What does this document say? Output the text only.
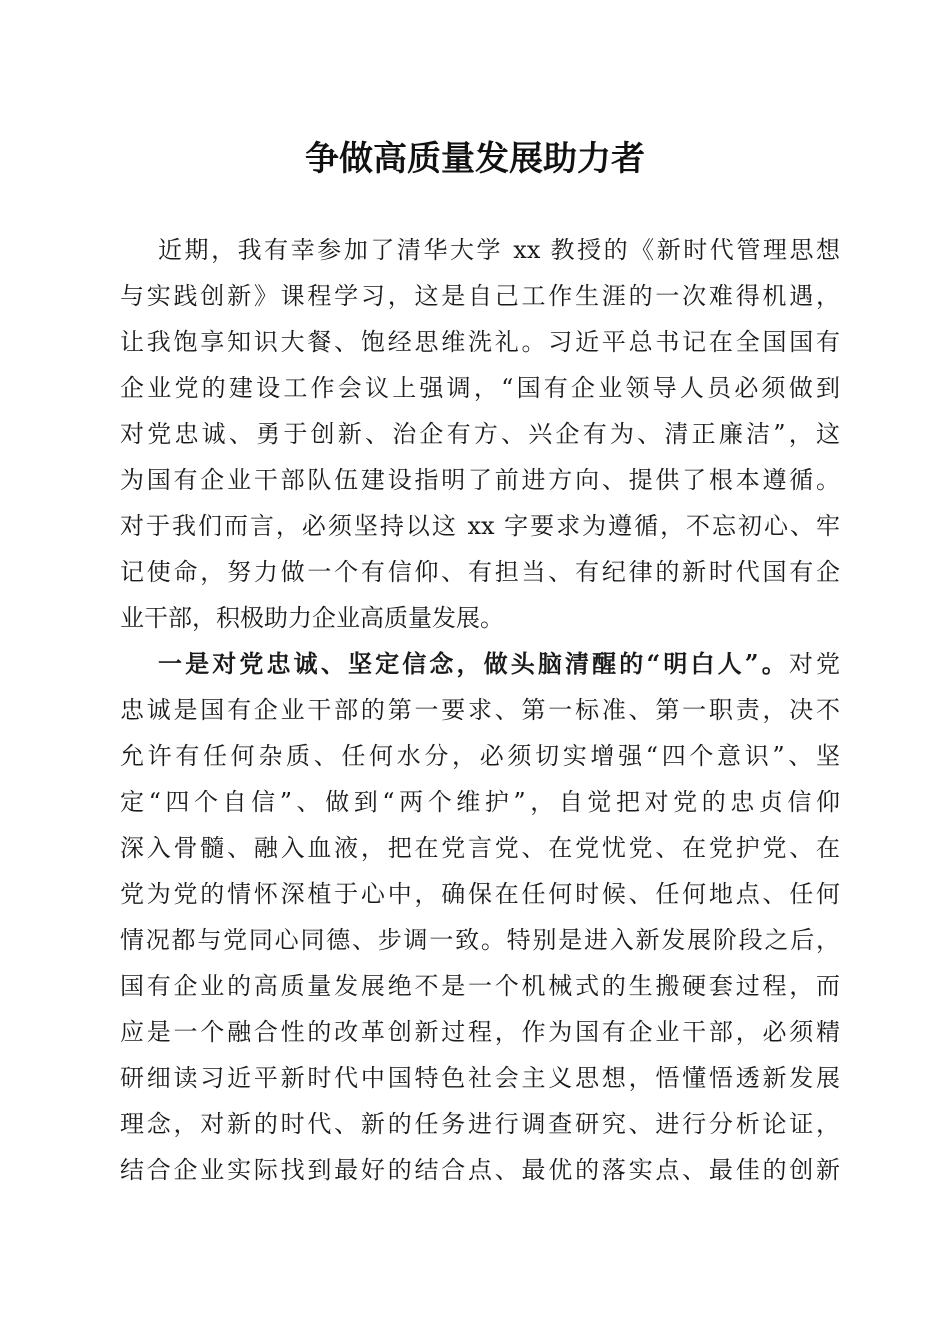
争做高质量发展助力者
近期，我有幸参加了清华大学 xx 教授的《新时代管理思想
与实践创新》课程学习，这是自己工作生涯的一次难得机遇，
让我饱享知识大餐、饱经思维洗礼。习近平总书记在全国国有
企业党的建设工作会议上强调，“国有企业领导人员必须做到
对党忠诚、勇于创新、治企有方、兴企有为、清正廉洁”，这
为国有企业干部队伍建设指明了前进方向、提供了根本遵循。
对于我们而言，必须坚持以这 xx 字要求为遵循，不忘初心、牢
记使命，努力做一个有信仰、有担当、有纪律的新时代国有企
业干部，积极助力企业高质量发展。
一是对党忠诚、坚定信念，做头脑清醒的“明白人”。对党
忠诚是国有企业干部的第一要求、第一标准、第一职责，决不
允许有任何杂质、任何水分，必须切实增强“四个意识”、坚
定“四个自信”、做到“两个维护”，自觉把对党的忠贞信仰
深入骨髓、融入血液，把在党言党、在党忧党、在党护党、在
党为党的情怀深植于心中，确保在任何时候、任何地点、任何
情况都与党同心同德、步调一致。特别是进入新发展阶段之后，
国有企业的高质量发展绝不是一个机械式的生搬硬套过程，而
应是一个融合性的改革创新过程，作为国有企业干部，必须精
研细读习近平新时代中国特色社会主义思想，悟懂悟透新发展
理念，对新的时代、新的任务进行调查研究、进行分析论证，
结合企业实际找到最好的结合点、最优的落实点、最佳的创新
